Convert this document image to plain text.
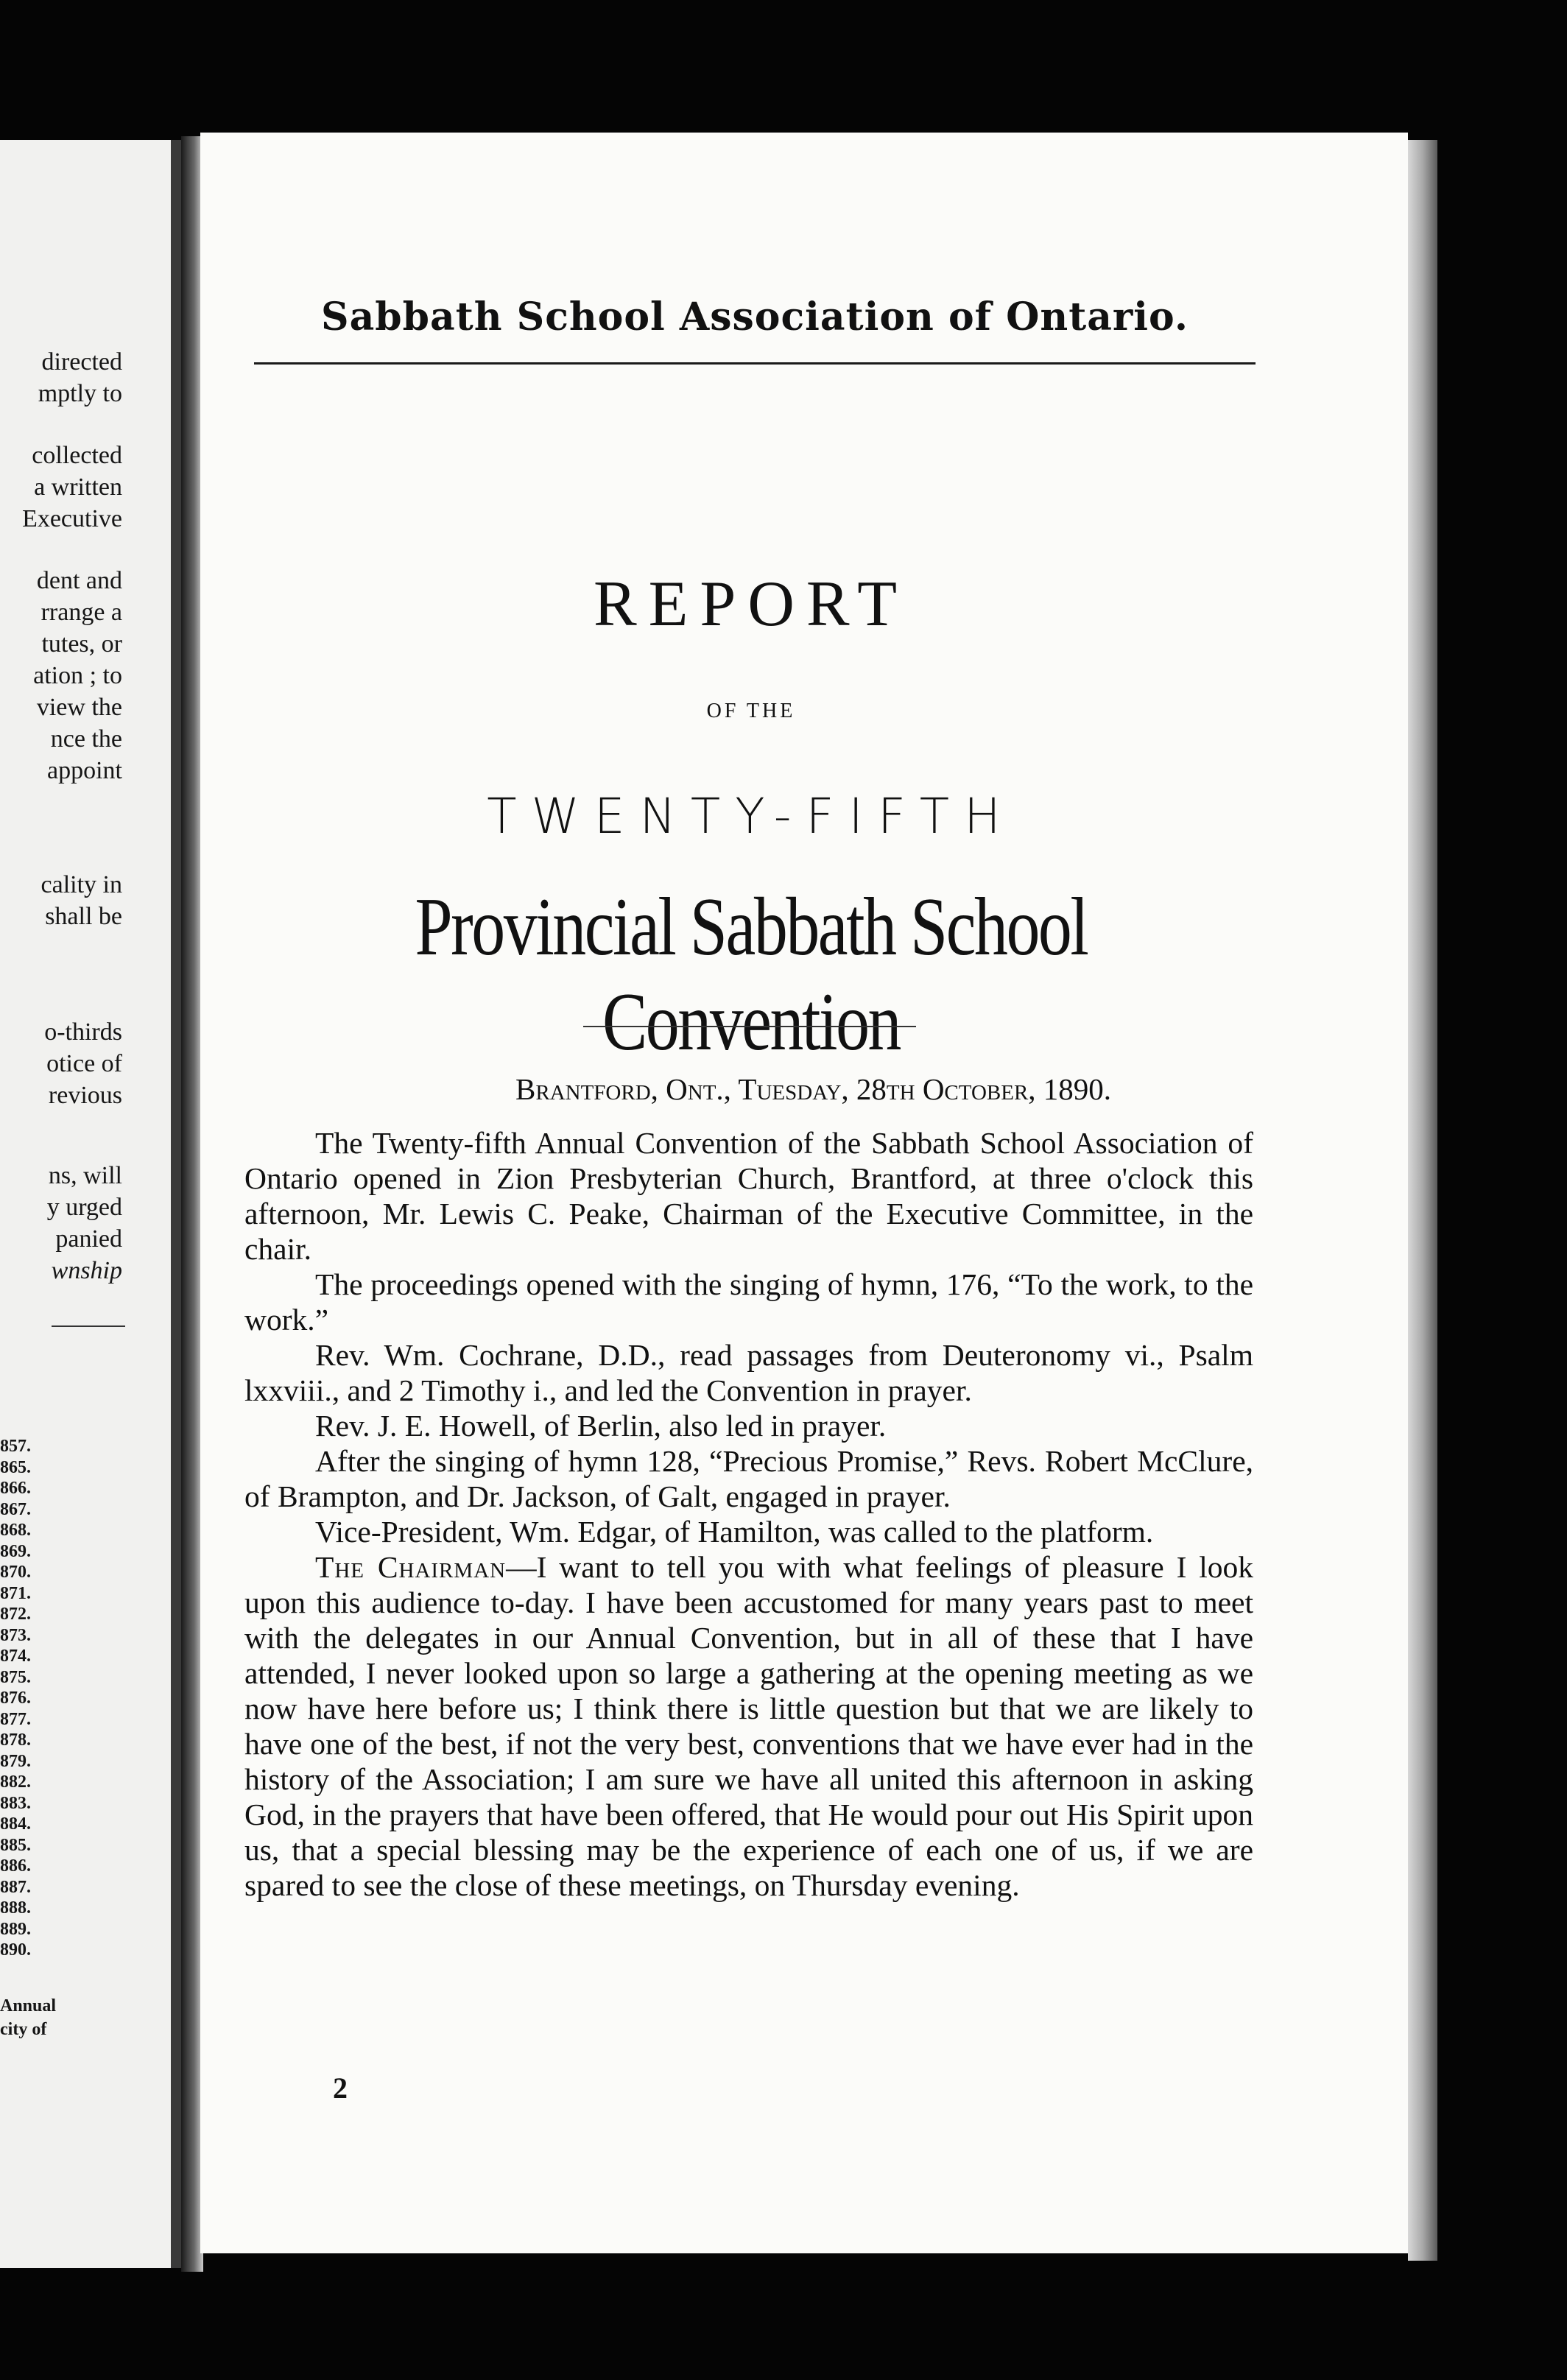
directed
mptly to
collected
a written
Executive
dent and
rrange a
tutes, or
ation ; to
view the
nce the
appoint
cality in
shall be
o-thirds
otice of
revious
ns, will
y urged
panied
wnship
857.
865.
866.
867.
868.
869.
870.
871.
872.
873.
874.
875.
876.
877.
878.
879.
882.
883.
884.
885.
886.
887.
888.
889.
890.
Annual
city of
Sabbath School Association of Ontario.
REPORT
OF THE
TWENTY-FIFTH
Provincial Sabbath School Convention
Brantford, Ont., Tuesday, 28th October, 1890.

The Twenty-fifth Annual Convention of the Sabbath School Association of Ontario opened in Zion Presbyterian Church, Brantford, at three o'clock this afternoon, Mr. Lewis C. Peake, Chairman of the Executive Committee, in the chair.

The proceedings opened with the singing of hymn, 176, “To the work, to the work.”

Rev. Wm. Cochrane, D.D., read passages from Deuteronomy vi., Psalm lxxviii., and 2 Timothy i., and led the Convention in prayer.

Rev. J. E. Howell, of Berlin, also led in prayer.

After the singing of hymn 128, “Precious Promise,” Revs. Robert McClure, of Brampton, and Dr. Jackson, of Galt, engaged in prayer.

Vice-President, Wm. Edgar, of Hamilton, was called to the platform.

The Chairman—I want to tell you with what feelings of pleasure I look upon this audience to-day. I have been accustomed for many years past to meet with the delegates in our Annual Convention, but in all of these that I have attended, I never looked upon so large a gathering at the opening meeting as we now have here before us; I think there is little question but that we are likely to have one of the best, if not the very best, conventions that we have ever had in the history of the Association; I am sure we have all united this afternoon in asking God, in the prayers that have been offered, that He would pour out His Spirit upon us, that a special blessing may be the experience of each one of us, if we are spared to see the close of these meetings, on Thursday evening.

2
